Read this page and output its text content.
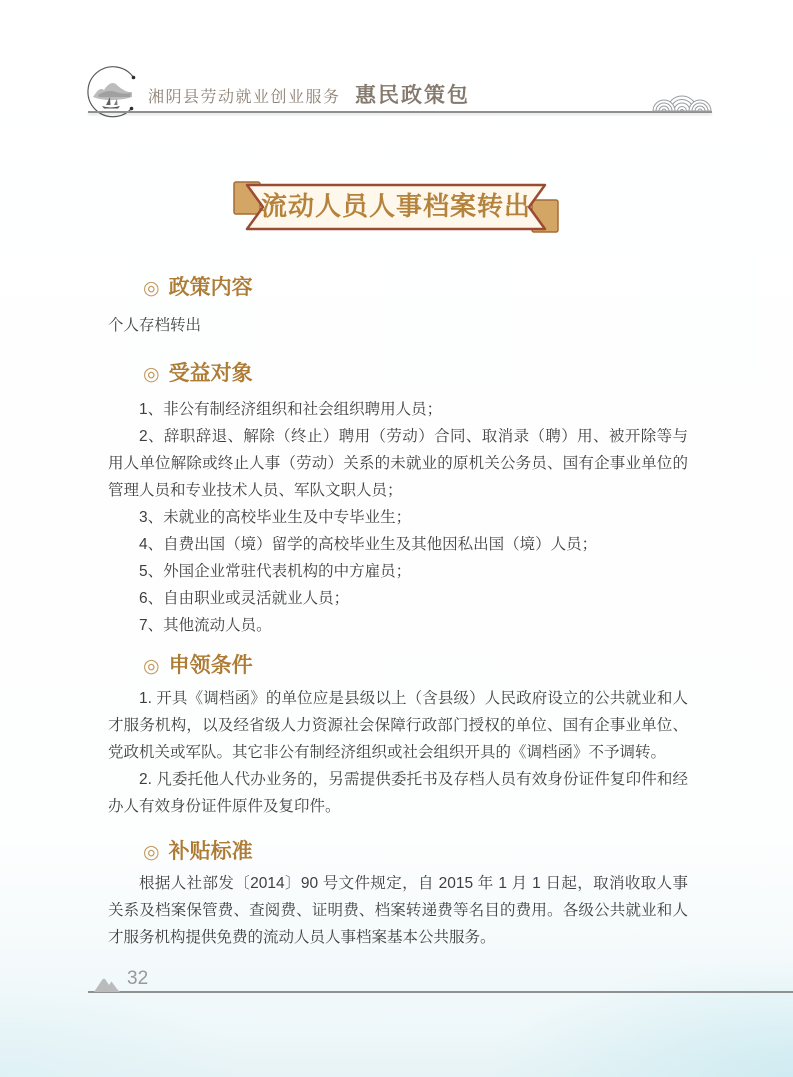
湘阴县劳动就业创业服务 惠民政策包
流动人员人事档案转出
◎ 政策内容

个人存档转出

◎ 受益对象

1、非公有制经济组织和社会组织聘用人员；

2、辞职辞退、解除（终止）聘用（劳动）合同、取消录（聘）用、被开除等与用人单位解除或终止人事（劳动）关系的未就业的原机关公务员、国有企事业单位的管理人员和专业技术人员、军队文职人员；

3、未就业的高校毕业生及中专毕业生；

4、自费出国（境）留学的高校毕业生及其他因私出国（境）人员；

5、外国企业常驻代表机构的中方雇员；

6、自由职业或灵活就业人员；

7、其他流动人员。

◎ 申领条件

1. 开具《调档函》的单位应是县级以上（含县级）人民政府设立的公共就业和人才服务机构，以及经省级人力资源社会保障行政部门授权的单位、国有企事业单位、党政机关或军队。其它非公有制经济组织或社会组织开具的《调档函》不予调转。

2. 凡委托他人代办业务的，另需提供委托书及存档人员有效身份证件复印件和经办人有效身份证件原件及复印件。

◎ 补贴标准

根据人社部发〔2014〕90 号文件规定，自 2015 年 1 月 1 日起，取消收取人事关系及档案保管费、查阅费、证明费、档案转递费等名目的费用。各级公共就业和人才服务机构提供免费的流动人员人事档案基本公共服务。

32
